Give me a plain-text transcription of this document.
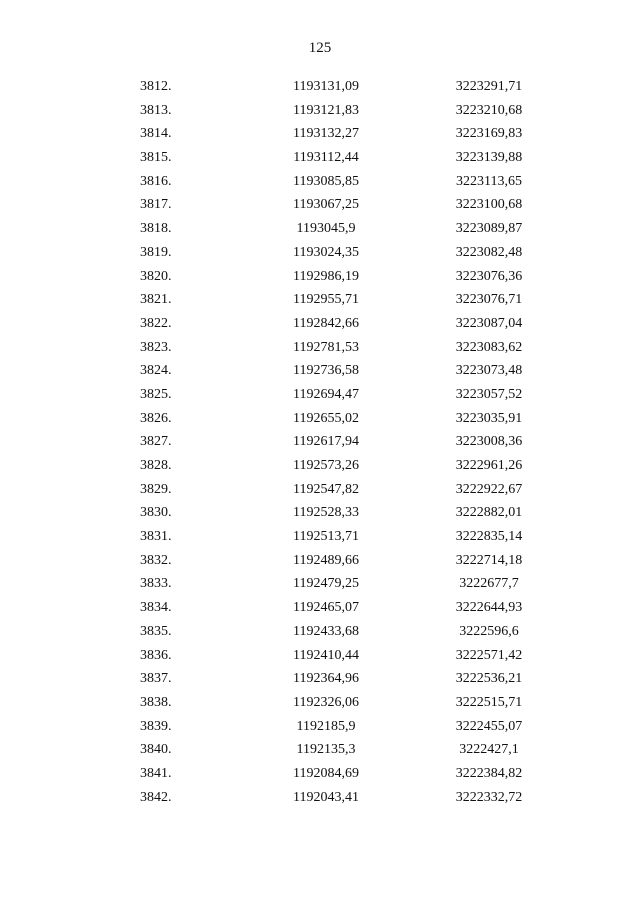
125
3812.	1193131,09	3223291,71
3813.	1193121,83	3223210,68
3814.	1193132,27	3223169,83
3815.	1193112,44	3223139,88
3816.	1193085,85	3223113,65
3817.	1193067,25	3223100,68
3818.	1193045,9	3223089,87
3819.	1193024,35	3223082,48
3820.	1192986,19	3223076,36
3821.	1192955,71	3223076,71
3822.	1192842,66	3223087,04
3823.	1192781,53	3223083,62
3824.	1192736,58	3223073,48
3825.	1192694,47	3223057,52
3826.	1192655,02	3223035,91
3827.	1192617,94	3223008,36
3828.	1192573,26	3222961,26
3829.	1192547,82	3222922,67
3830.	1192528,33	3222882,01
3831.	1192513,71	3222835,14
3832.	1192489,66	3222714,18
3833.	1192479,25	3222677,7
3834.	1192465,07	3222644,93
3835.	1192433,68	3222596,6
3836.	1192410,44	3222571,42
3837.	1192364,96	3222536,21
3838.	1192326,06	3222515,71
3839.	1192185,9	3222455,07
3840.	1192135,3	3222427,1
3841.	1192084,69	3222384,82
3842.	1192043,41	3222332,72
